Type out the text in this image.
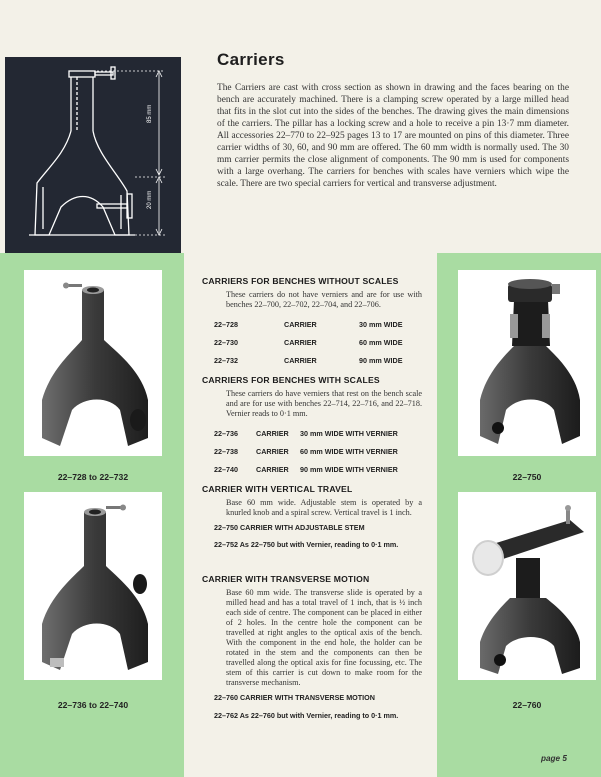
85 mm
20 mm
Carriers
The Carriers are cast with cross section as shown in drawing and the faces bearing on the bench are accurately machined. There is a clamping screw operated by a large milled head that fits in the slot cut into the sides of the benches. The drawing gives the main dimensions of the carriers. The pillar has a locking screw and a hole to receive a pin 13·7 mm diameter. All accessories 22–770 to 22–925 pages 13 to 17 are mounted on pins of this diameter. Three carrier widths of 30, 60, and 90 mm are offered. The 60 mm width is normally used. The 30 mm carrier permits the close alignment of components. The 90 mm is used for components with a large overhang. The carriers for benches with scales have verniers which wipe the scale. There are two special carriers for vertical and transverse adjustment.
22–728 to 22–732
22–736 to 22–740
22–750
22–760
CARRIERS FOR BENCHES WITHOUT SCALES
These carriers do not have verniers and are for use with benches 22–700, 22–702, 22–704, and 22–706.
22–728	CARRIER	30 mm WIDE
22–730	CARRIER	60 mm WIDE
22–732	CARRIER	90 mm WIDE
CARRIERS FOR BENCHES WITH SCALES
These carriers do have verniers that rest on the bench scale and are for use with benches 22–714, 22–716, and 22–718. Vernier reads to 0·1 mm.
22–736	CARRIER	30 mm WIDE WITH VERNIER
22–738	CARRIER	60 mm WIDE WITH VERNIER
22–740	CARRIER	90 mm WIDE WITH VERNIER
CARRIER WITH VERTICAL TRAVEL
Base 60 mm wide. Adjustable stem is operated by a knurled knob and a spiral screw. Vertical travel is 1 inch.
22–750 CARRIER WITH ADJUSTABLE STEM
22–752 As 22–750 but with Vernier, reading to 0·1 mm.
CARRIER WITH TRANSVERSE MOTION
Base 60 mm wide. The transverse slide is operated by a milled head and has a total travel of 1 inch, that is ½ inch each side of centre. The component can be placed in either of 2 holes. In the centre hole the component can be travelled at right angles to the optical axis of the bench. With the component in the end hole, the holder can be rotated in the stem and the components can then be travelled along the optical axis for fine focussing, etc. The stem of this carrier is cut down to make room for the transverse mechanism.
22–760 CARRIER WITH TRANSVERSE MOTION
22–762 As 22–760 but with Vernier, reading to 0·1 mm.
page 5
